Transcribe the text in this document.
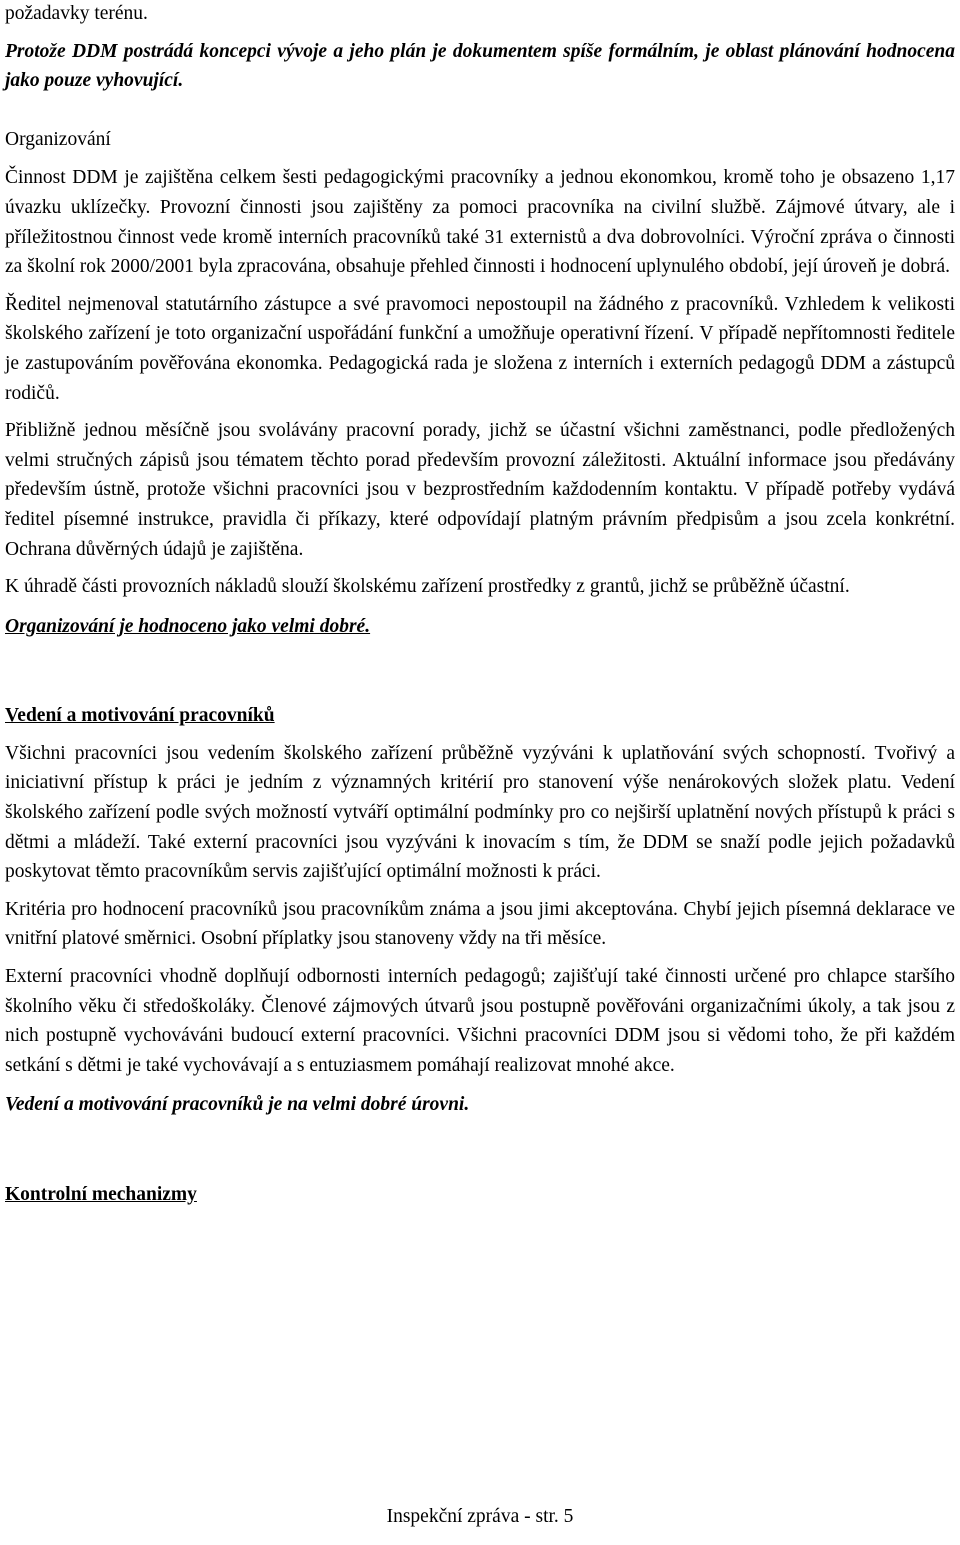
požadavky terénu.

Protože DDM postrádá koncepci vývoje a jeho plán je dokumentem spíše formálním, je oblast plánování hodnocena jako pouze vyhovující.

Organizování

Činnost DDM je zajištěna celkem šesti pedagogickými pracovníky a jednou ekonomkou, kromě toho je obsazeno 1,17 úvazku uklízečky. Provozní činnosti jsou zajištěny za pomoci pracovníka na civilní službě. Zájmové útvary, ale i příležitostnou činnost vede kromě interních pracovníků také 31 externistů a dva dobrovolníci. Výroční zpráva o činnosti za školní rok 2000/2001 byla zpracována, obsahuje přehled činnosti i hodnocení uplynulého období, její úroveň je dobrá.

Ředitel nejmenoval statutárního zástupce a své pravomoci nepostoupil na žádného z pracovníků. Vzhledem k velikosti školského zařízení je toto organizační uspořádání funkční a umožňuje operativní řízení. V případě nepřítomnosti ředitele je zastupováním pověřována ekonomka. Pedagogická rada je složena z interních i externích pedagogů DDM a zástupců rodičů.

Přibližně jednou měsíčně jsou svolávány pracovní porady, jichž se účastní všichni zaměstnanci, podle předložených velmi stručných zápisů jsou tématem těchto porad především provozní záležitosti. Aktuální informace jsou předávány především ústně, protože všichni pracovníci jsou v bezprostředním každodenním kontaktu. V případě potřeby vydává ředitel písemné instrukce, pravidla či příkazy, které odpovídají platným právním předpisům a jsou zcela konkrétní. Ochrana důvěrných údajů je zajištěna.

K úhradě části provozních nákladů slouží školskému zařízení prostředky z grantů, jichž se průběžně účastní.

Organizování je hodnoceno jako velmi dobré.

Vedení a motivování pracovníků

Všichni pracovníci jsou vedením školského zařízení průběžně vyzýváni k uplatňování svých schopností. Tvořivý a iniciativní přístup k práci je jedním z významných kritérií pro stanovení výše nenárokových složek platu. Vedení školského zařízení podle svých možností vytváří optimální podmínky pro co nejširší uplatnění nových přístupů k práci s dětmi a mládeží. Také externí pracovníci jsou vyzýváni k inovacím s tím, že DDM se snaží podle jejich požadavků poskytovat těmto pracovníkům servis zajišťující optimální možnosti k práci.

Kritéria pro hodnocení pracovníků jsou pracovníkům známa a jsou jimi akceptována. Chybí jejich písemná deklarace ve vnitřní platové směrnici. Osobní příplatky jsou stanoveny vždy na tři měsíce.

Externí pracovníci vhodně doplňují odbornosti interních pedagogů; zajišťují také činnosti určené pro chlapce staršího školního věku či středoškoláky. Členové zájmových útvarů jsou postupně pověřováni organizačními úkoly, a tak jsou z nich postupně vychováváni budoucí externí pracovníci. Všichni pracovníci DDM jsou si vědomi toho, že při každém setkání s dětmi je také vychovávají a s entuziasmem pomáhají realizovat mnohé akce.

Vedení a motivování pracovníků je na velmi dobré úrovni.

Kontrolní mechanizmy

Inspekční zpráva - str. 5
